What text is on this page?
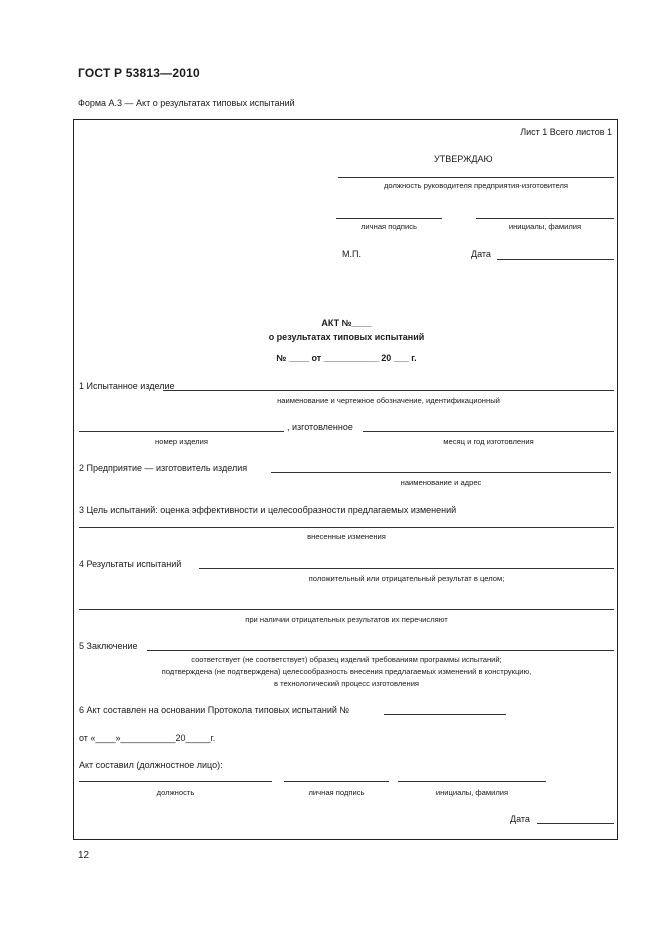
ГОСТ Р 53813—2010
Форма А.3 — Акт о результатах типовых испытаний
Лист 1 Всего листов 1
УТВЕРЖДАЮ
должность руководителя предприятия-изготовителя
личная подпись	инициалы, фамилия
М.П.	Дата
АКТ №____
о результатах типовых испытаний
№ ____ от ___________ 20 ___ г.
1 Испытанное изделие
наименование и чертежное обозначение, идентификационный
, изготовленное
номер изделия	месяц и год изготовления
2 Предприятие — изготовитель изделия
наименование и адрес
3 Цель испытаний: оценка эффективности и целесообразности предлагаемых изменений
внесенные изменения
4 Результаты испытаний
положительный или отрицательный результат в целом;
при наличии отрицательных результатов их перечисляют
5 Заключение
соответствует (не соответствует) образец изделий требованиям программы испытаний;
подтверждена (не подтверждена) целесообразность внесения предлагаемых изменений в конструкцию,
в технологический процесс изготовления
6 Акт составлен на основании Протокола типовых испытаний №
от «____»___________20_____г.
Акт составил (должностное лицо):
должность	личная подпись	инициалы, фамилия
Дата
12
